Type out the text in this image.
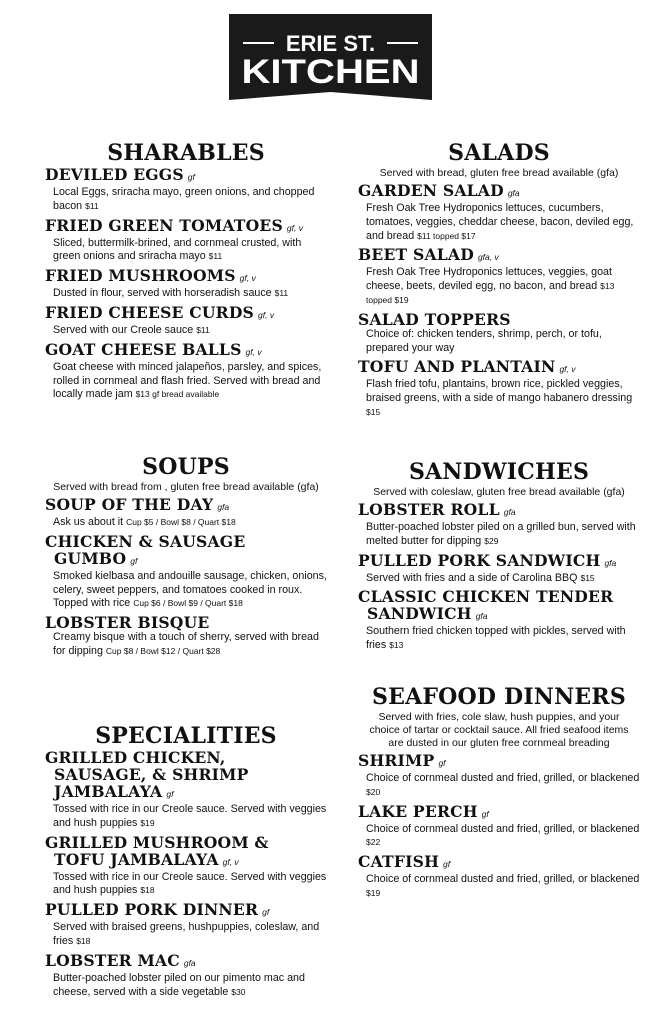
ERIE ST.
KITCHEN
SHARABLES
DEVILED EGGS gf
Local Eggs, sriracha mayo, green onions, and chopped bacon $11
FRIED GREEN TOMATOES gf, v
Sliced, buttermilk-brined, and cornmeal crusted, with green onions and sriracha mayo $11
FRIED MUSHROOMS gf, v
Dusted in flour, served with horseradish sauce $11
FRIED CHEESE CURDS gf, v
Served with our Creole sauce $11
GOAT CHEESE BALLS gf, v
Goat cheese with minced jalapeños, parsley, and spices, rolled in cornmeal and flash fried. Served with bread and locally made jam $13 gf bread available
SOUPS
Served with bread from , gluten free bread available (gfa)
SOUP OF THE DAY gfa
Ask us about it Cup $5 / Bowl $8 / Quart $18
CHICKEN & SAUSAGE
GUMBO gf
Smoked kielbasa and andouille sausage, chicken, onions, celery, sweet peppers, and tomatoes cooked in roux. Topped with rice Cup $6 / Bowl $9 / Quart $18
LOBSTER BISQUE
Creamy bisque with a touch of sherry, served with bread for dipping Cup $8 / Bowl $12 / Quart $28
SPECIALITIES
GRILLED CHICKEN,
SAUSAGE, & SHRIMP
JAMBALAYA gf
Tossed with rice in our Creole sauce. Served with veggies and hush puppies $19
GRILLED MUSHROOM &
TOFU JAMBALAYA gf, v
Tossed with rice in our Creole sauce. Served with veggies and hush puppies $18
PULLED PORK DINNER gf
Served with braised greens, hushpuppies, coleslaw, and fries $18
LOBSTER MAC gfa
Butter-poached lobster piled on our pimento mac and cheese, served with a side vegetable $30
SALADS
Served with bread, gluten free bread available (gfa)
GARDEN SALAD gfa
Fresh Oak Tree Hydroponics lettuces, cucumbers, tomatoes, veggies, cheddar cheese, bacon, deviled egg, and bread $11 topped $17
BEET SALAD gfa, v
Fresh Oak Tree Hydroponics lettuces, veggies, goat cheese, beets, deviled egg, no bacon, and bread $13 topped $19
SALAD TOPPERS
Choice of: chicken tenders, shrimp, perch, or tofu, prepared your way
TOFU AND PLANTAIN gf, v
Flash fried tofu, plantains, brown rice, pickled veggies, braised greens, with a side of mango habanero dressing $15
SANDWICHES
Served with coleslaw, gluten free bread available (gfa)
LOBSTER ROLL gfa
Butter-poached lobster piled on a grilled bun, served with melted butter for dipping $29
PULLED PORK SANDWICH gfa
Served with fries and a side of Carolina BBQ $15
CLASSIC CHICKEN TENDER
SANDWICH gfa
Southern fried chicken topped with pickles, served with fries $13
SEAFOOD DINNERS
Served with fries, cole slaw, hush puppies, and your choice of tartar or cocktail sauce. All fried seafood items are dusted in our gluten free cornmeal breading
SHRIMP gf
Choice of cornmeal dusted and fried, grilled, or blackened $20
LAKE PERCH gf
Choice of cornmeal dusted and fried, grilled, or blackened $22
CATFISH gf
Choice of cornmeal dusted and fried, grilled, or blackened $19
